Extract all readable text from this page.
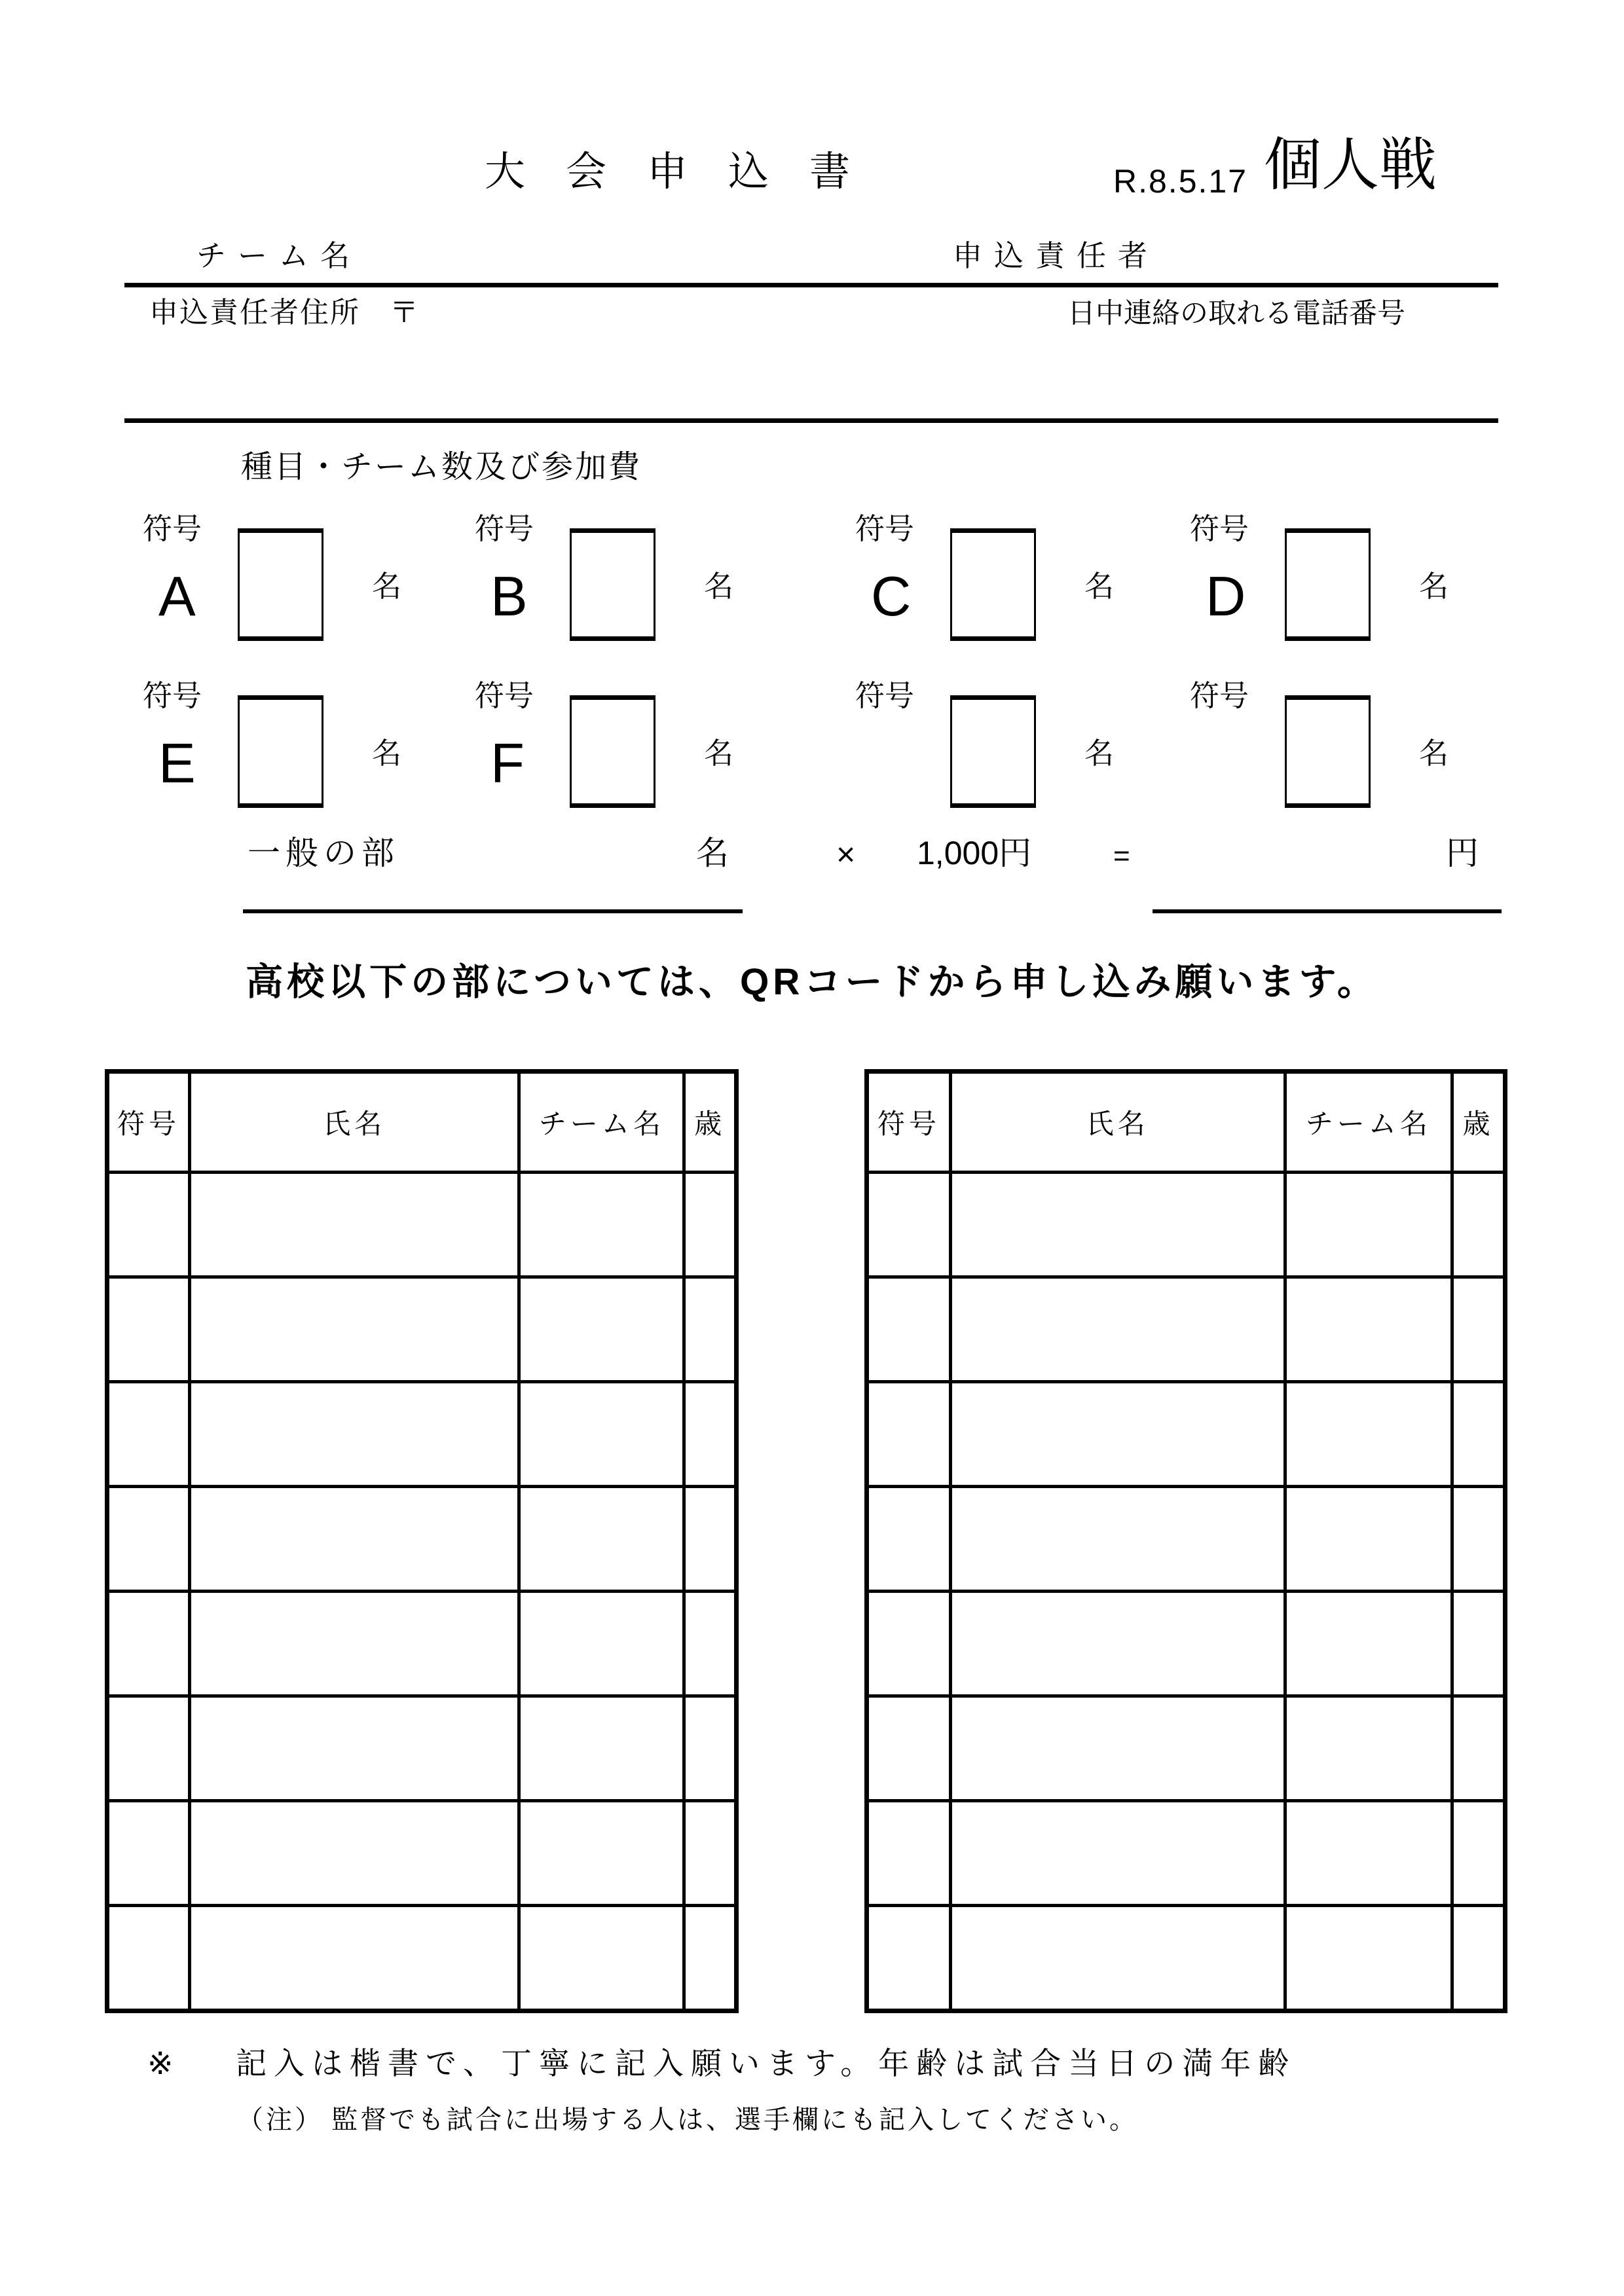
大　会　申　込　書	R.8.5.17 個人戦
チーム名	申込責任者
申込責任者住所 〒	日中連絡の取れる電話番号
種目・チーム数及び参加費
符号
A	名
符号
B	名
符号
C	名
符号
D	名
符号
E	名
符号
F	名
符号
名
符号
名
一般の部	名	× 1,000円	=	円
高校以下の部については、QRコードから申し込み願います。
符号	氏名	チーム名	歳

				符号	氏名	チーム名	歳

※ 記入は楷書で、丁寧に記入願います。年齢は試合当日の満年齢
（注） 監督でも試合に出場する人は、選手欄にも記入してください。
